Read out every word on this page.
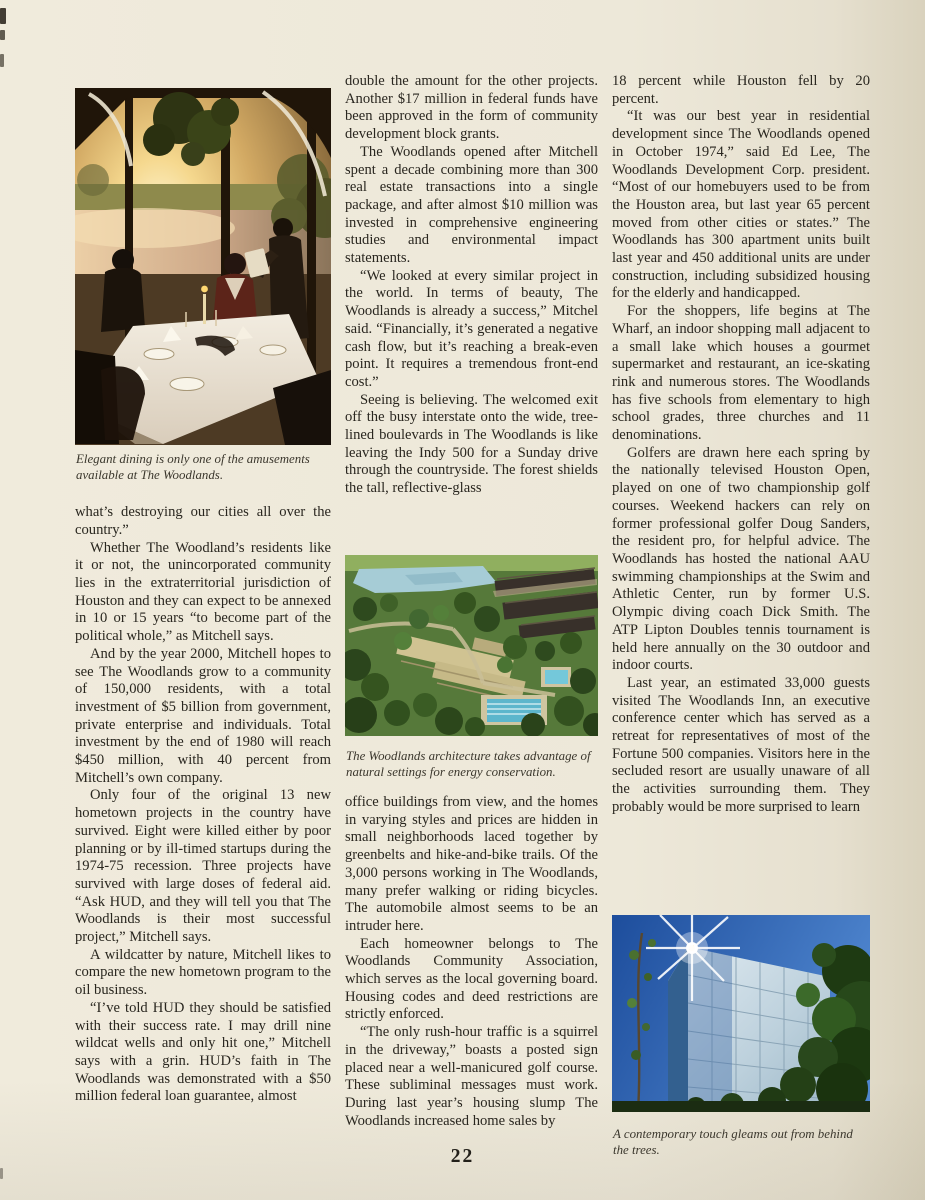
Elegant dining is only one of the amusements available at The Woodlands.

what’s destroying our cities all over the country.”

Whether The Woodland’s residents like it or not, the unincorporated community lies in the extraterritorial jurisdiction of Houston and they can expect to be annexed in 10 or 15 years “to become part of the political whole,” as Mitchell says.

And by the year 2000, Mitchell hopes to see The Woodlands grow to a community of 150,000 residents, with a total investment of $5 billion from government, private enterprise and individuals. Total investment by the end of 1980 will reach $450 million, with 40 percent from Mitchell’s own company.

Only four of the original 13 new hometown projects in the country have survived. Eight were killed either by poor planning or by ill-timed startups during the 1974-75 recession. Three projects have survived with large doses of federal aid. “Ask HUD, and they will tell you that The Woodlands is their most successful project,” Mitchell says.

A wildcatter by nature, Mitchell likes to compare the new hometown program to the oil business.

“I’ve told HUD they should be satisfied with their success rate. I may drill nine wildcat wells and only hit one,” Mitchell says with a grin. HUD’s faith in The Woodlands was demonstrated with a $50 million federal loan guarantee, almost

double the amount for the other projects. Another $17 million in federal funds have been approved in the form of community development block grants.

The Woodlands opened after Mitchell spent a decade combining more than 300 real estate transactions into a single package, and after almost $10 million was invested in comprehensive engineering studies and environmental impact statements.

“We looked at every similar project in the world. In terms of beauty, The Woodlands is already a success,” Mitchel said. “Financially, it’s generated a negative cash flow, but it’s reaching a break-even point. It requires a tremendous front-end cost.”

Seeing is believing. The welcomed exit off the busy interstate onto the wide, tree-lined boulevards in The Woodlands is like leaving the Indy 500 for a Sunday drive through the countryside. The forest shields the tall, reflective-glass

The Woodlands architecture takes advantage of natural settings for energy conservation.

office buildings from view, and the homes in varying styles and prices are hidden in small neighborhoods laced together by greenbelts and hike-and-bike trails. Of the 3,000 persons working in The Woodlands, many prefer walking or riding bicycles. The automobile almost seems to be an intruder here.

Each homeowner belongs to The Woodlands Community Association, which serves as the local governing board. Housing codes and deed restrictions are strictly enforced.

“The only rush-hour traffic is a squirrel in the driveway,” boasts a posted sign placed near a well-manicured golf course. These subliminal messages must work. During last year’s housing slump The Woodlands increased home sales by

18 percent while Houston fell by 20 percent.

“It was our best year in residential development since The Woodlands opened in October 1974,” said Ed Lee, The Woodlands Development Corp. president. “Most of our homebuyers used to be from the Houston area, but last year 65 percent moved from other cities or states.” The Woodlands has 300 apartment units built last year and 450 additional units are under construction, including subsidized housing for the elderly and handicapped.

For the shoppers, life begins at The Wharf, an indoor shopping mall adjacent to a small lake which houses a gourmet supermarket and restaurant, an ice-skating rink and numerous stores. The Woodlands has five schools from elementary to high school grades, three churches and 11 denominations.

Golfers are drawn here each spring by the nationally televised Houston Open, played on one of two championship golf courses. Weekend hackers can rely on former professional golfer Doug Sanders, the resident pro, for helpful advice. The Woodlands has hosted the national AAU swimming championships at the Swim and Athletic Center, run by former U.S. Olympic diving coach Dick Smith. The ATP Lipton Doubles tennis tournament is held here annually on the 30 outdoor and indoor courts.

Last year, an estimated 33,000 guests visited The Woodlands Inn, an executive conference center which has served as a retreat for representatives of most of the Fortune 500 companies. Visitors here in the secluded resort are usually unaware of all the activities surrounding them. They probably would be more surprised to learn

A contemporary touch gleams out from behind the trees.

22
